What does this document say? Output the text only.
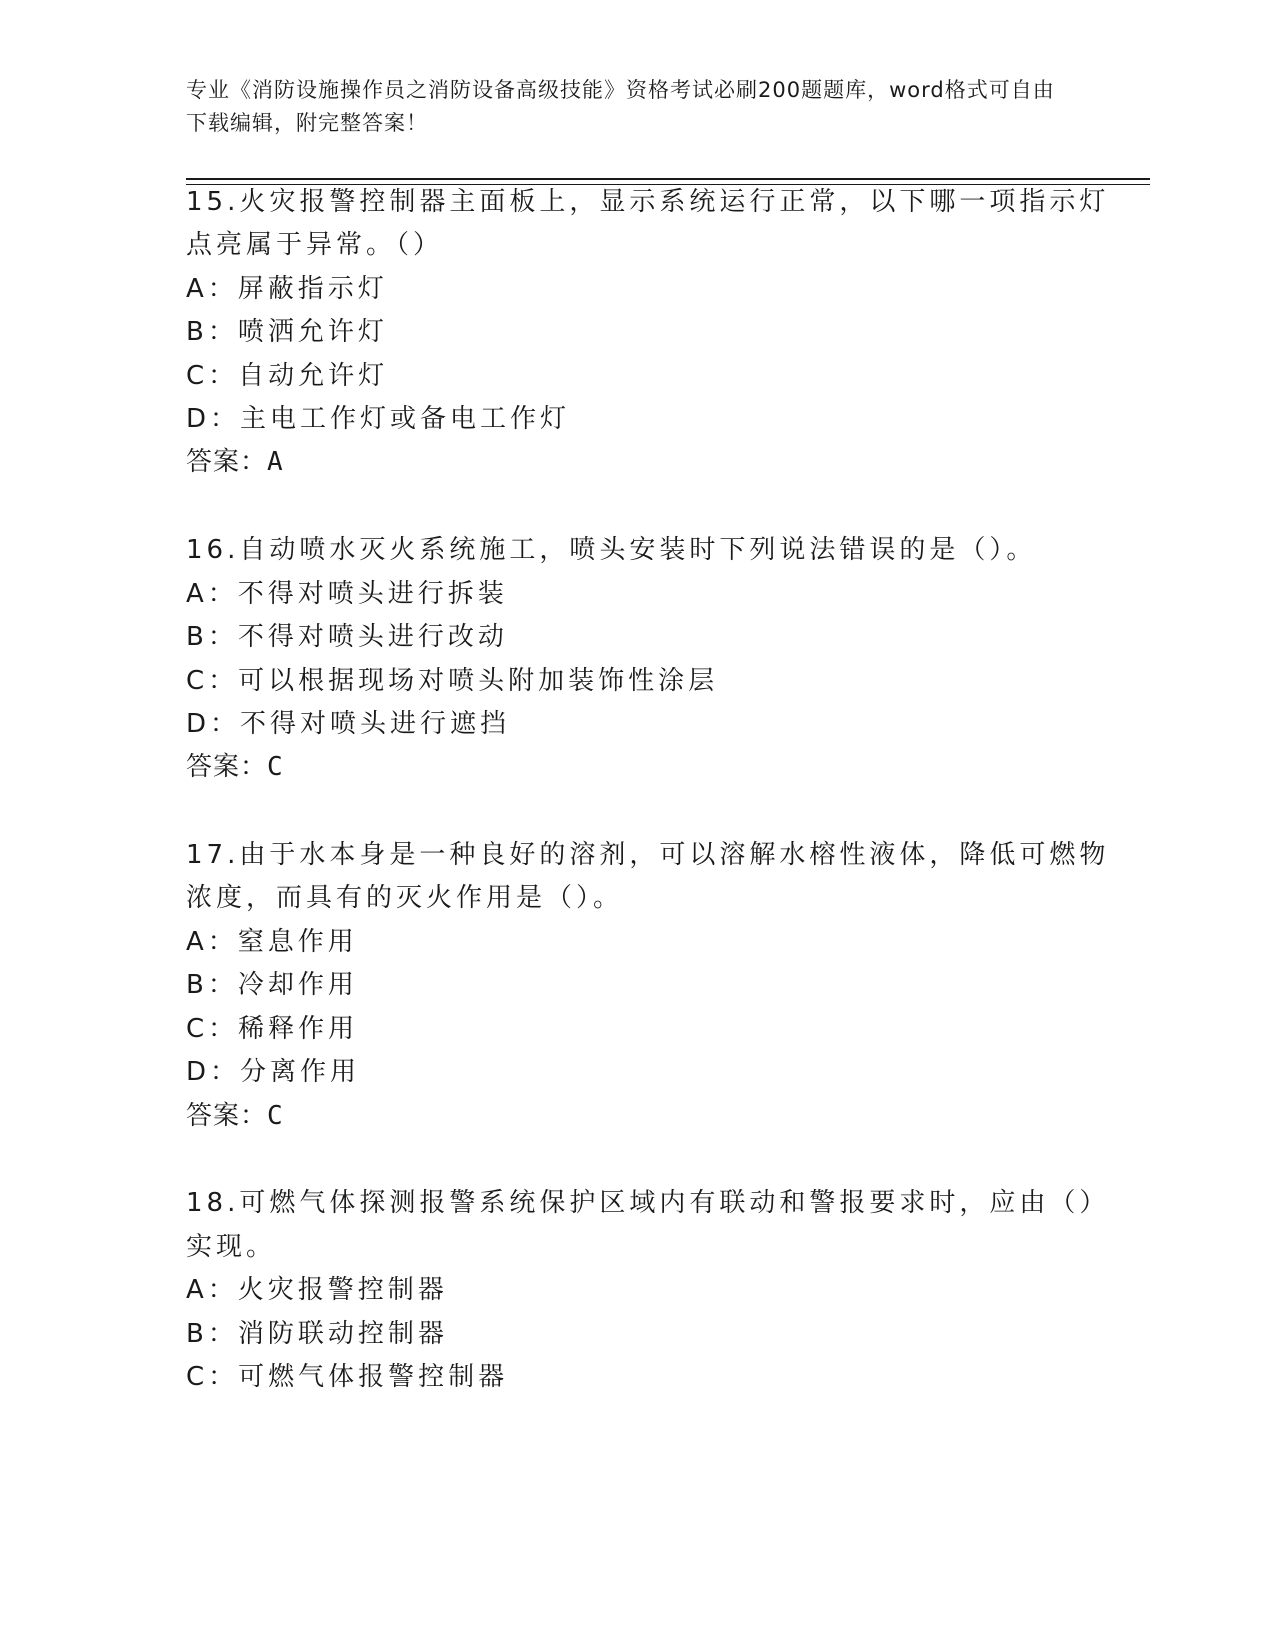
专业《消防设施操作员之消防设备高级技能》资格考试必刷200题题库，word格式可自由下载编辑，附完整答案！

15.火灾报警控制器主面板上，显示系统运行正常，以下哪一项指示灯

点亮属于异常。（）

A：屏蔽指示灯

B：喷洒允许灯

C：自动允许灯

D：主电工作灯或备电工作灯

答案：A

16.自动喷水灭火系统施工，喷头安装时下列说法错误的是（）。

A：不得对喷头进行拆装

B：不得对喷头进行改动

C：可以根据现场对喷头附加装饰性涂层

D：不得对喷头进行遮挡

答案：C

17.由于水本身是一种良好的溶剂，可以溶解水榕性液体，降低可燃物

浓度，而具有的灭火作用是（）。

A：窒息作用

B：冷却作用

C：稀释作用

D：分离作用

答案：C

18.可燃气体探测报警系统保护区域内有联动和警报要求时，应由（）

实现。

A：火灾报警控制器

B：消防联动控制器

C：可燃气体报警控制器
